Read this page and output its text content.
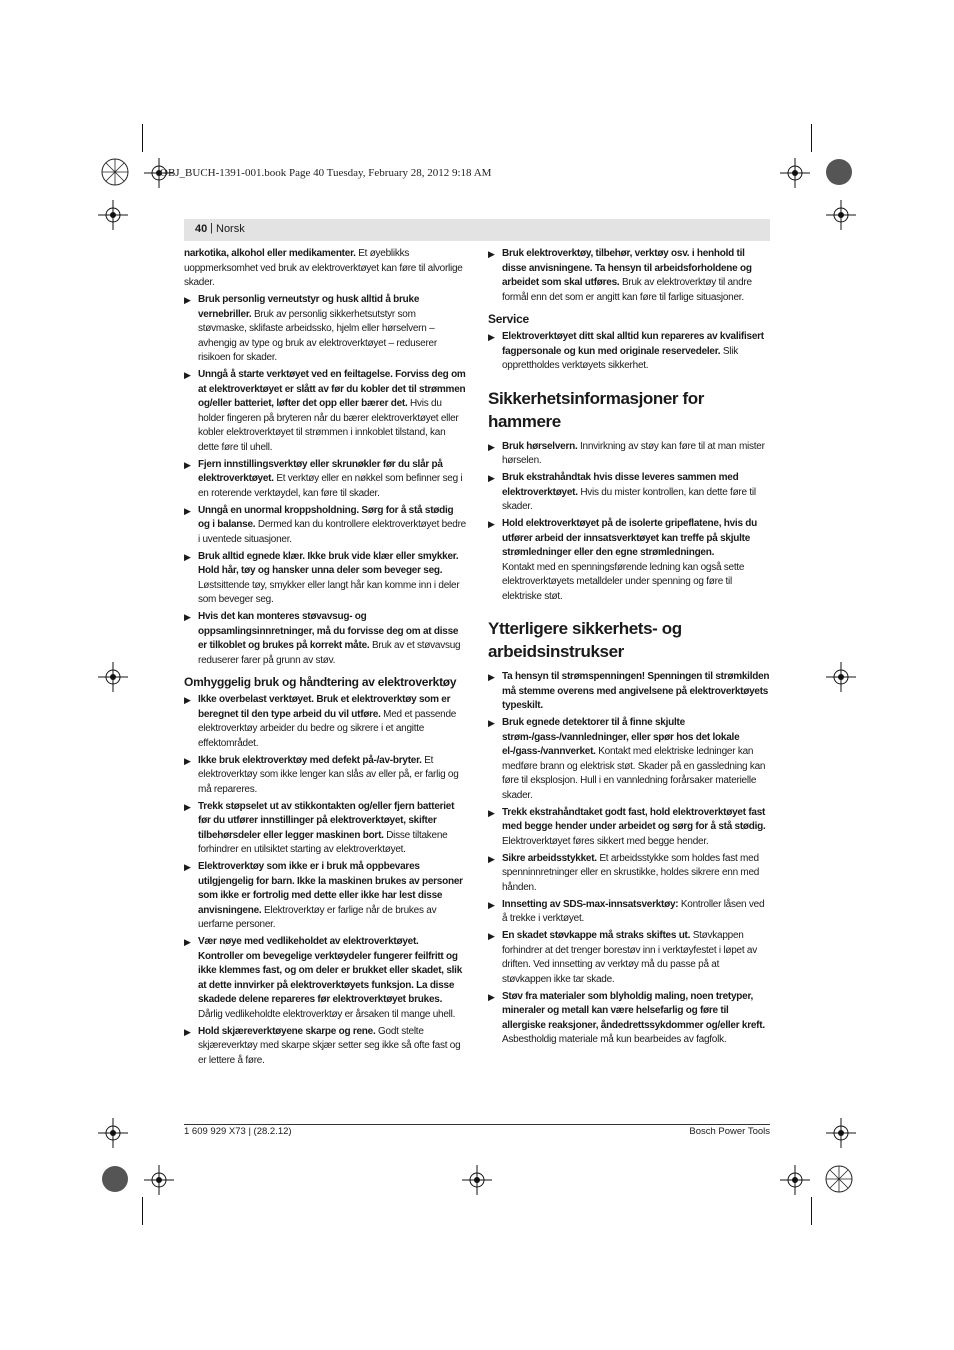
OBJ_BUCH-1391-001.book Page 40 Tuesday, February 28, 2012 9:18 AM
40 | Norsk
narkotika, alkohol eller medikamenter. Et øyeblikks uoppmerksomhet ved bruk av elektroverktøyet kan føre til alvorlige skader.
▶ Bruk personlig verneutstyr og husk alltid å bruke vernebriller. Bruk av personlig sikkerhetsutstyr som støvmaske, sklifaste arbeidssko, hjelm eller hørselvern – avhengig av type og bruk av elektroverktøyet – reduserer risikoen for skader.
▶ Unngå å starte verktøyet ved en feiltagelse. Forviss deg om at elektroverktøyet er slått av før du kobler det til strømmen og/eller batteriet, løfter det opp eller bærer det. Hvis du holder fingeren på bryteren når du bærer elektroverktøyet eller kobler elektroverktøyet til strømmen i innkoblet tilstand, kan dette føre til uhell.
▶ Fjern innstillingsverktøy eller skrunøkler før du slår på elektroverktøyet. Et verktøy eller en nøkkel som befinner seg i en roterende verktøydel, kan føre til skader.
▶ Unngå en unormal kroppsholdning. Sørg for å stå stødig og i balanse. Dermed kan du kontrollere elektroverktøyet bedre i uventede situasjoner.
▶ Bruk alltid egnede klær. Ikke bruk vide klær eller smykker. Hold hår, tøy og hansker unna deler som beveger seg. Løstsittende tøy, smykker eller langt hår kan komme inn i deler som beveger seg.
▶ Hvis det kan monteres støvavsug- og oppsamlingsinnretninger, må du forvisse deg om at disse er tilkoblet og brukes på korrekt måte. Bruk av et støvavsug reduserer farer på grunn av støv.
Omhyggelig bruk og håndtering av elektroverktøy
▶ Ikke overbelast verktøyet. Bruk et elektroverktøy som er beregnet til den type arbeid du vil utføre. Med et passende elektroverktøy arbeider du bedre og sikrere i et angitte effektområdet.
▶ Ikke bruk elektroverktøy med defekt på-/av-bryter. Et elektroverktøy som ikke lenger kan slås av eller på, er farlig og må repareres.
▶ Trekk støpselet ut av stikkontakten og/eller fjern batteriet før du utfører innstillinger på elektroverktøyet, skifter tilbehørsdeler eller legger maskinen bort. Disse tiltakene forhindrer en utilsiktet starting av elektroverktøyet.
▶ Elektroverktøy som ikke er i bruk må oppbevares utilgjengelig for barn. Ikke la maskinen brukes av personer som ikke er fortrolig med dette eller ikke har lest disse anvisningene. Elektroverktøy er farlige når de brukes av uerfarne personer.
▶ Vær nøye med vedlikeholdet av elektroverktøyet. Kontroller om bevegelige verktøydeler fungerer feilfritt og ikke klemmes fast, og om deler er brukket eller skadet, slik at dette innvirker på elektroverktøyets funksjon. La disse skadede delene repareres før elektroverktøyet brukes. Dårlig vedlikeholdte elektroverktøy er årsaken til mange uhell.
▶ Hold skjæreverktøyene skarpe og rene. Godt stelte skjæreverktøy med skarpe skjær setter seg ikke så ofte fast og er lettere å føre.
▶ Bruk elektroverktøy, tilbehør, verktøy osv. i henhold til disse anvisningene. Ta hensyn til arbeidsforholdene og arbeidet som skal utføres. Bruk av elektroverktøy til andre formål enn det som er angitt kan føre til farlige situasjoner.
Service
▶ Elektroverktøyet ditt skal alltid kun repareres av kvalifisert fagpersonale og kun med originale reservedeler. Slik opprettholdes verktøyets sikkerhet.
Sikkerhetsinformasjoner for hammere
▶ Bruk hørselvern. Innvirkning av støy kan føre til at man mister hørselen.
▶ Bruk ekstrahåndtak hvis disse leveres sammen med elektroverktøyet. Hvis du mister kontrollen, kan dette føre til skader.
▶ Hold elektroverktøyet på de isolerte gripeflatene, hvis du utfører arbeid der innsatsverktøyet kan treffe på skjulte strømledninger eller den egne strømledningen.
Kontakt med en spenningsførende ledning kan også sette elektroverktøyets metalldeler under spenning og føre til elektriske støt.
Ytterligere sikkerhets- og arbeidsinstrukser
▶ Ta hensyn til strømspenningen! Spenningen til strømkilden må stemme overens med angivelsene på elektroverktøyets typeskilt.
▶ Bruk egnede detektorer til å finne skjulte strøm-/gass-/vannledninger, eller spør hos det lokale el-/gass-/vannverket. Kontakt med elektriske ledninger kan medføre brann og elektrisk støt. Skader på en gassledning kan føre til eksplosjon. Hull i en vannledning forårsaker materielle skader.
▶ Trekk ekstrahåndtaket godt fast, hold elektroverktøyet fast med begge hender under arbeidet og sørg for å stå stødig. Elektroverktøyet føres sikkert med begge hender.
▶ Sikre arbeidsstykket. Et arbeidsstykke som holdes fast med spenninnretninger eller en skrustikke, holdes sikrere enn med hånden.
▶ Innsetting av SDS-max-innsatsverktøy: Kontroller låsen ved å trekke i verktøyet.
▶ En skadet støvkappe må straks skiftes ut. Støvkappen forhindrer at det trenger borestøv inn i verktøyfestet i løpet av driften. Ved innsetting av verktøy må du passe på at støvkappen ikke tar skade.
▶ Støv fra materialer som blyholdig maling, noen tretyper, mineraler og metall kan være helsefarlig og føre til allergiske reaksjoner, åndedrettssykdommer og/eller kreft. Asbestholdig materiale må kun bearbeides av fagfolk.
1 609 929 X73 | (28.2.12)	Bosch Power Tools
